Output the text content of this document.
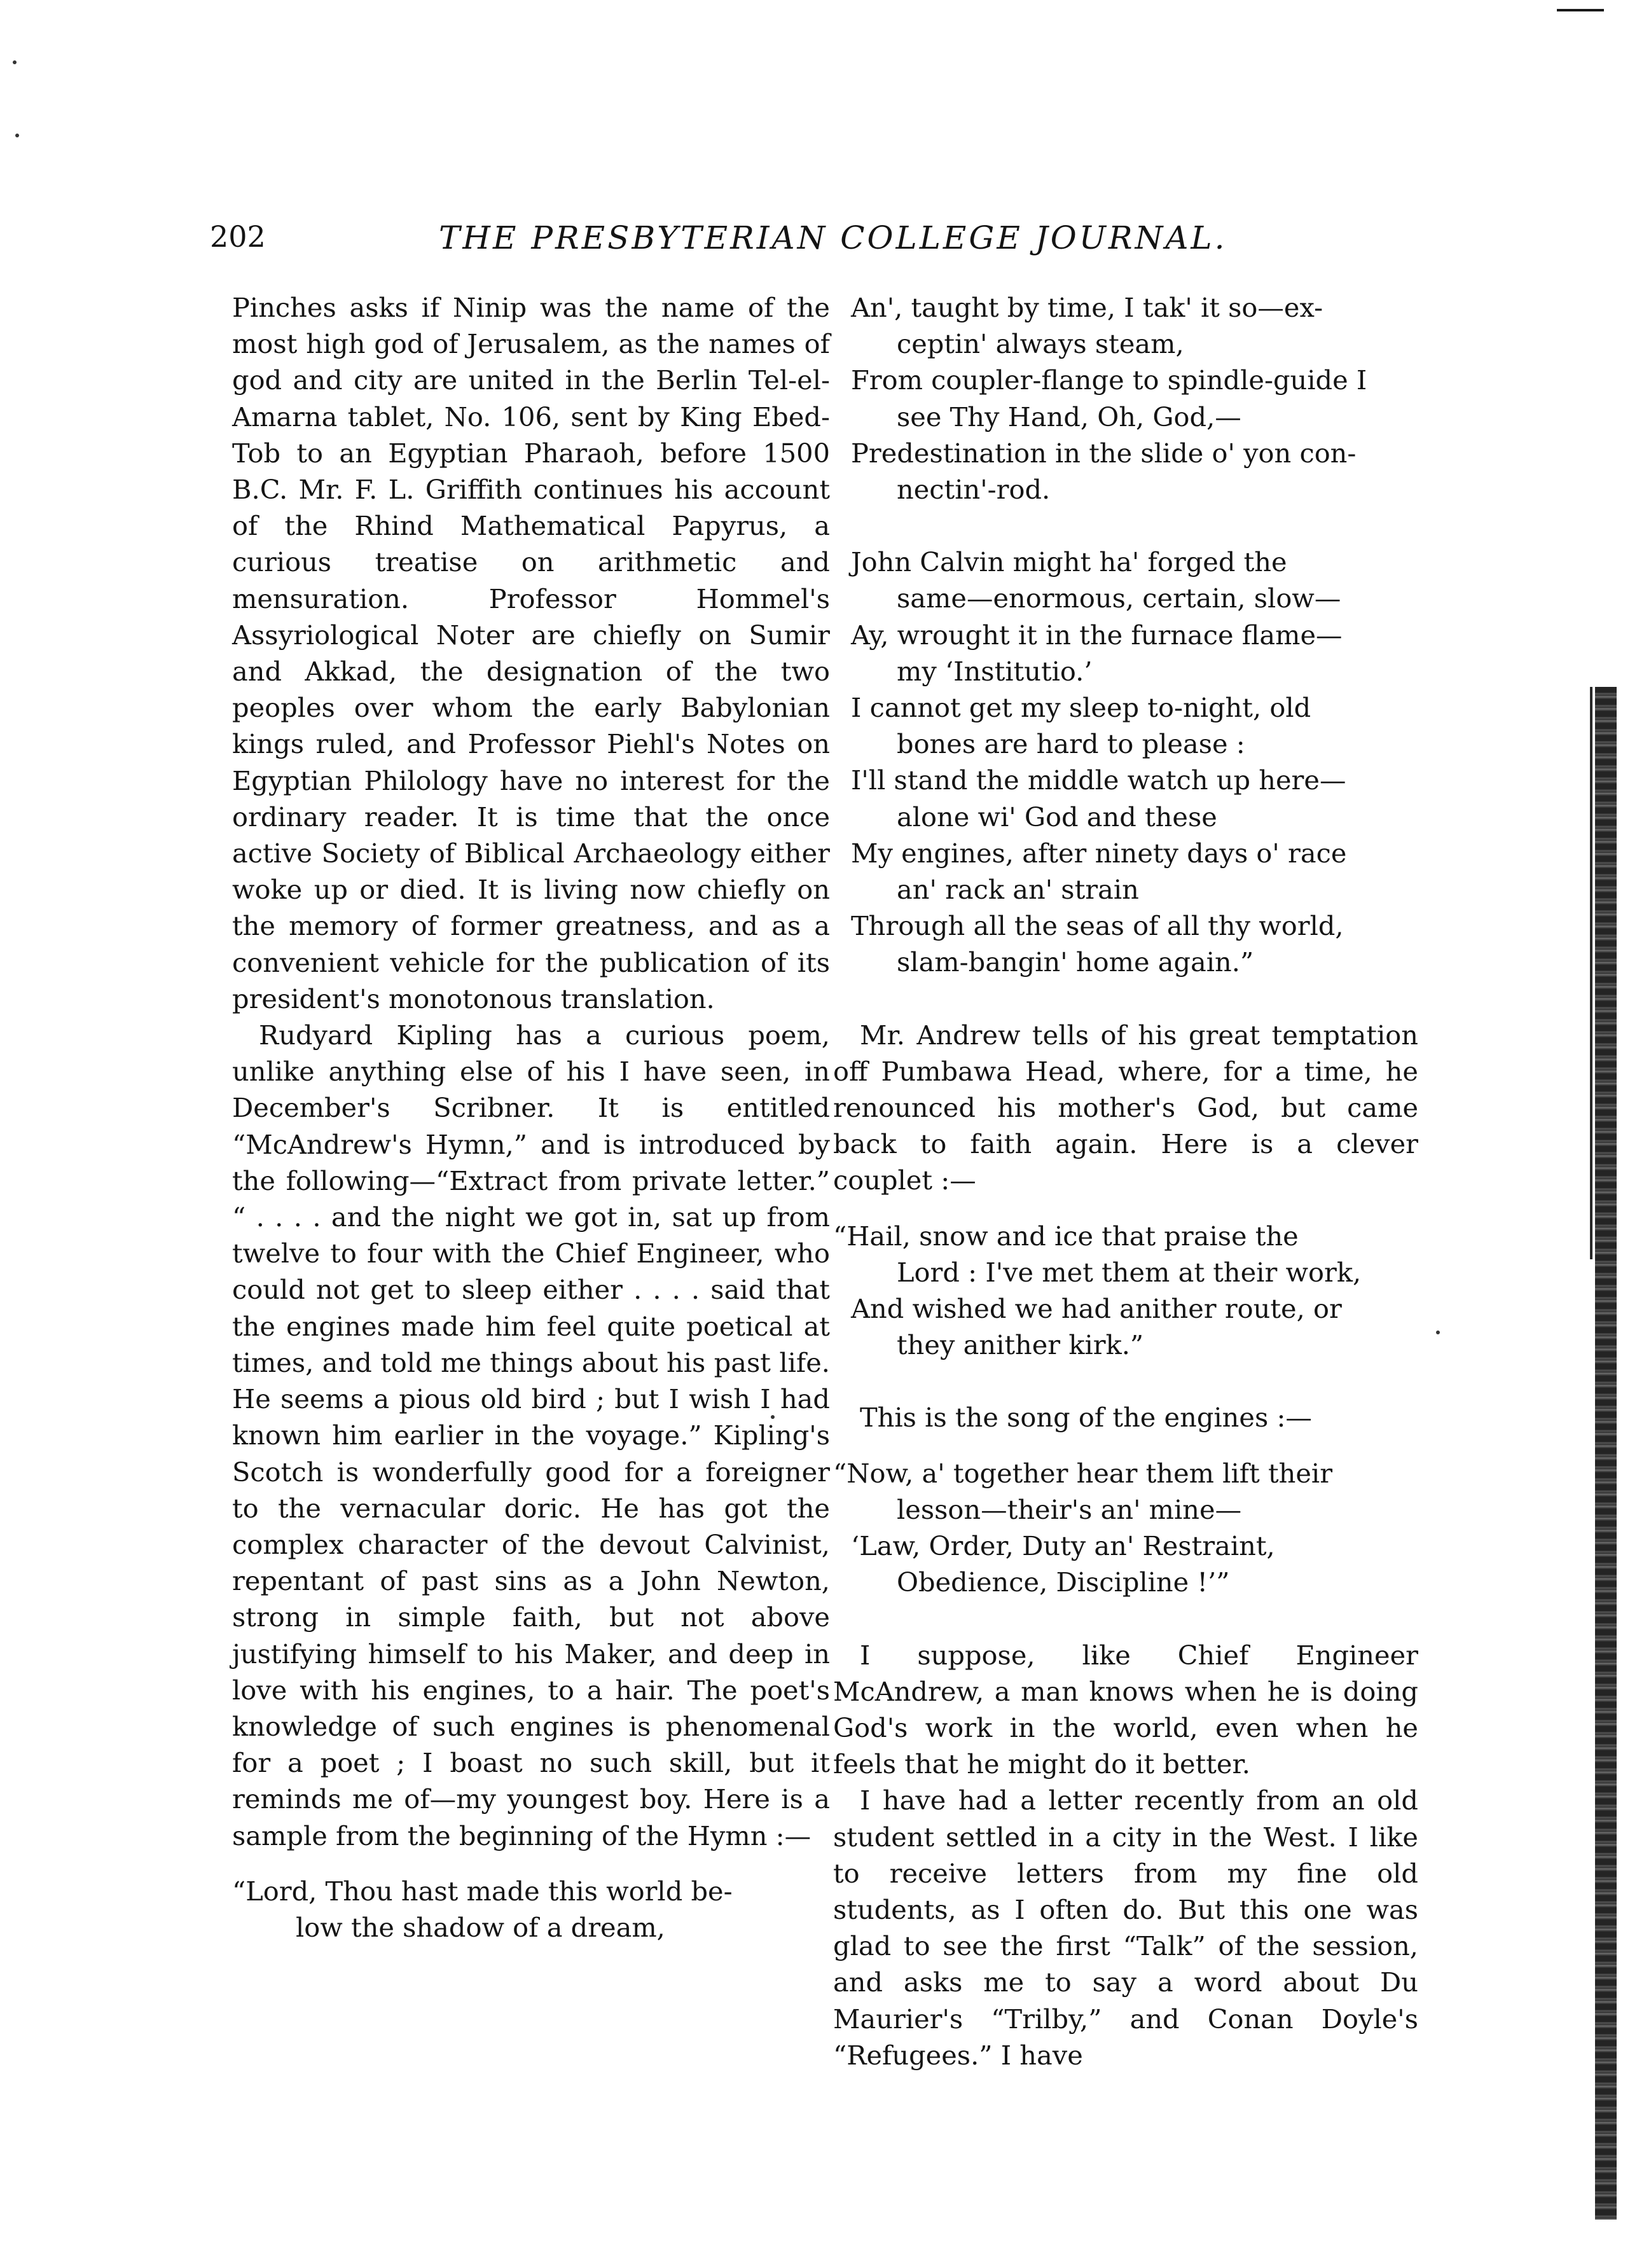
202	THE PRESBYTERIAN COLLEGE JOURNAL.

Pinches asks if Ninip was the name of the most high god of Jerusalem, as the names of god and city are united in the Berlin Tel-el-Amarna tablet, No. 106, sent by King Ebed-Tob to an Egyptian Pharaoh, before 1500 B.C. Mr. F. L. Griffith continues his account of the Rhind Mathematical Papyrus, a curious treatise on arithmetic and mensuration. Professor Hommel's Assyriological Noter are chiefly on Sumir and Akkad, the designation of the two peoples over whom the early Babylonian kings ruled, and Professor Piehl's Notes on Egyptian Philology have no interest for the ordinary reader. It is time that the once active Society of Biblical Archaeology either woke up or died. It is living now chiefly on the memory of former greatness, and as a convenient vehicle for the publication of its president's monotonous translation.

Rudyard Kipling has a curious poem, unlike anything else of his I have seen, in December's Scribner. It is entitled “McAndrew's Hymn,” and is introduced by the following—“Extract from private letter.” “ . . . . and the night we got in, sat up from twelve to four with the Chief Engineer, who could not get to sleep either . . . . said that the engines made him feel quite poetical at times, and told me things about his past life. He seems a pious old bird ; but I wish I had known him earlier in the voyage.” Kipling's Scotch is wonderfully good for a foreigner to the vernacular doric. He has got the complex character of the devout Calvinist, repentant of past sins as a John Newton, strong in simple faith, but not above justifying himself to his Maker, and deep in love with his engines, to a hair. The poet's knowledge of such engines is phenomenal for a poet ; I boast no such skill, but it reminds me of—my youngest boy. Here is a sample from the beginning of the Hymn :—

“Lord, Thou hast made this world be-
low the shadow of a dream,
An', taught by time, I tak' it so—ex-
ceptin' always steam,
From coupler-flange to spindle-guide I
see Thy Hand, Oh, God,—
Predestination in the slide o' yon con-
nectin'-rod.
John Calvin might ha' forged the
same—enormous, certain, slow—
Ay, wrought it in the furnace flame—
my ‘Institutio.’
I cannot get my sleep to-night, old
bones are hard to please :
I'll stand the middle watch up here—
alone wi' God and these
My engines, after ninety days o' race
an' rack an' strain
Through all the seas of all thy world,
slam-bangin' home again.”

Mr. Andrew tells of his great temptation off Pumbawa Head, where, for a time, he renounced his mother's God, but came back to faith again. Here is a clever couplet :—

“Hail, snow and ice that praise the
Lord : I've met them at their work,
And wished we had anither route, or
they anither kirk.”

This is the song of the engines :—

“Now, a' together hear them lift their
lesson—their's an' mine—
‘Law, Order, Duty an' Restraint,
Obedience, Discipline !’”

I suppose, like Chief Engineer McAndrew, a man knows when he is doing God's work in the world, even when he feels that he might do it better.

I have had a letter recently from an old student settled in a city in the West. I like to receive letters from my fine old students, as I often do. But this one was glad to see the first “Talk” of the session, and asks me to say a word about Du Maurier's “Trilby,” and Conan Doyle's “Refugees.” I have
